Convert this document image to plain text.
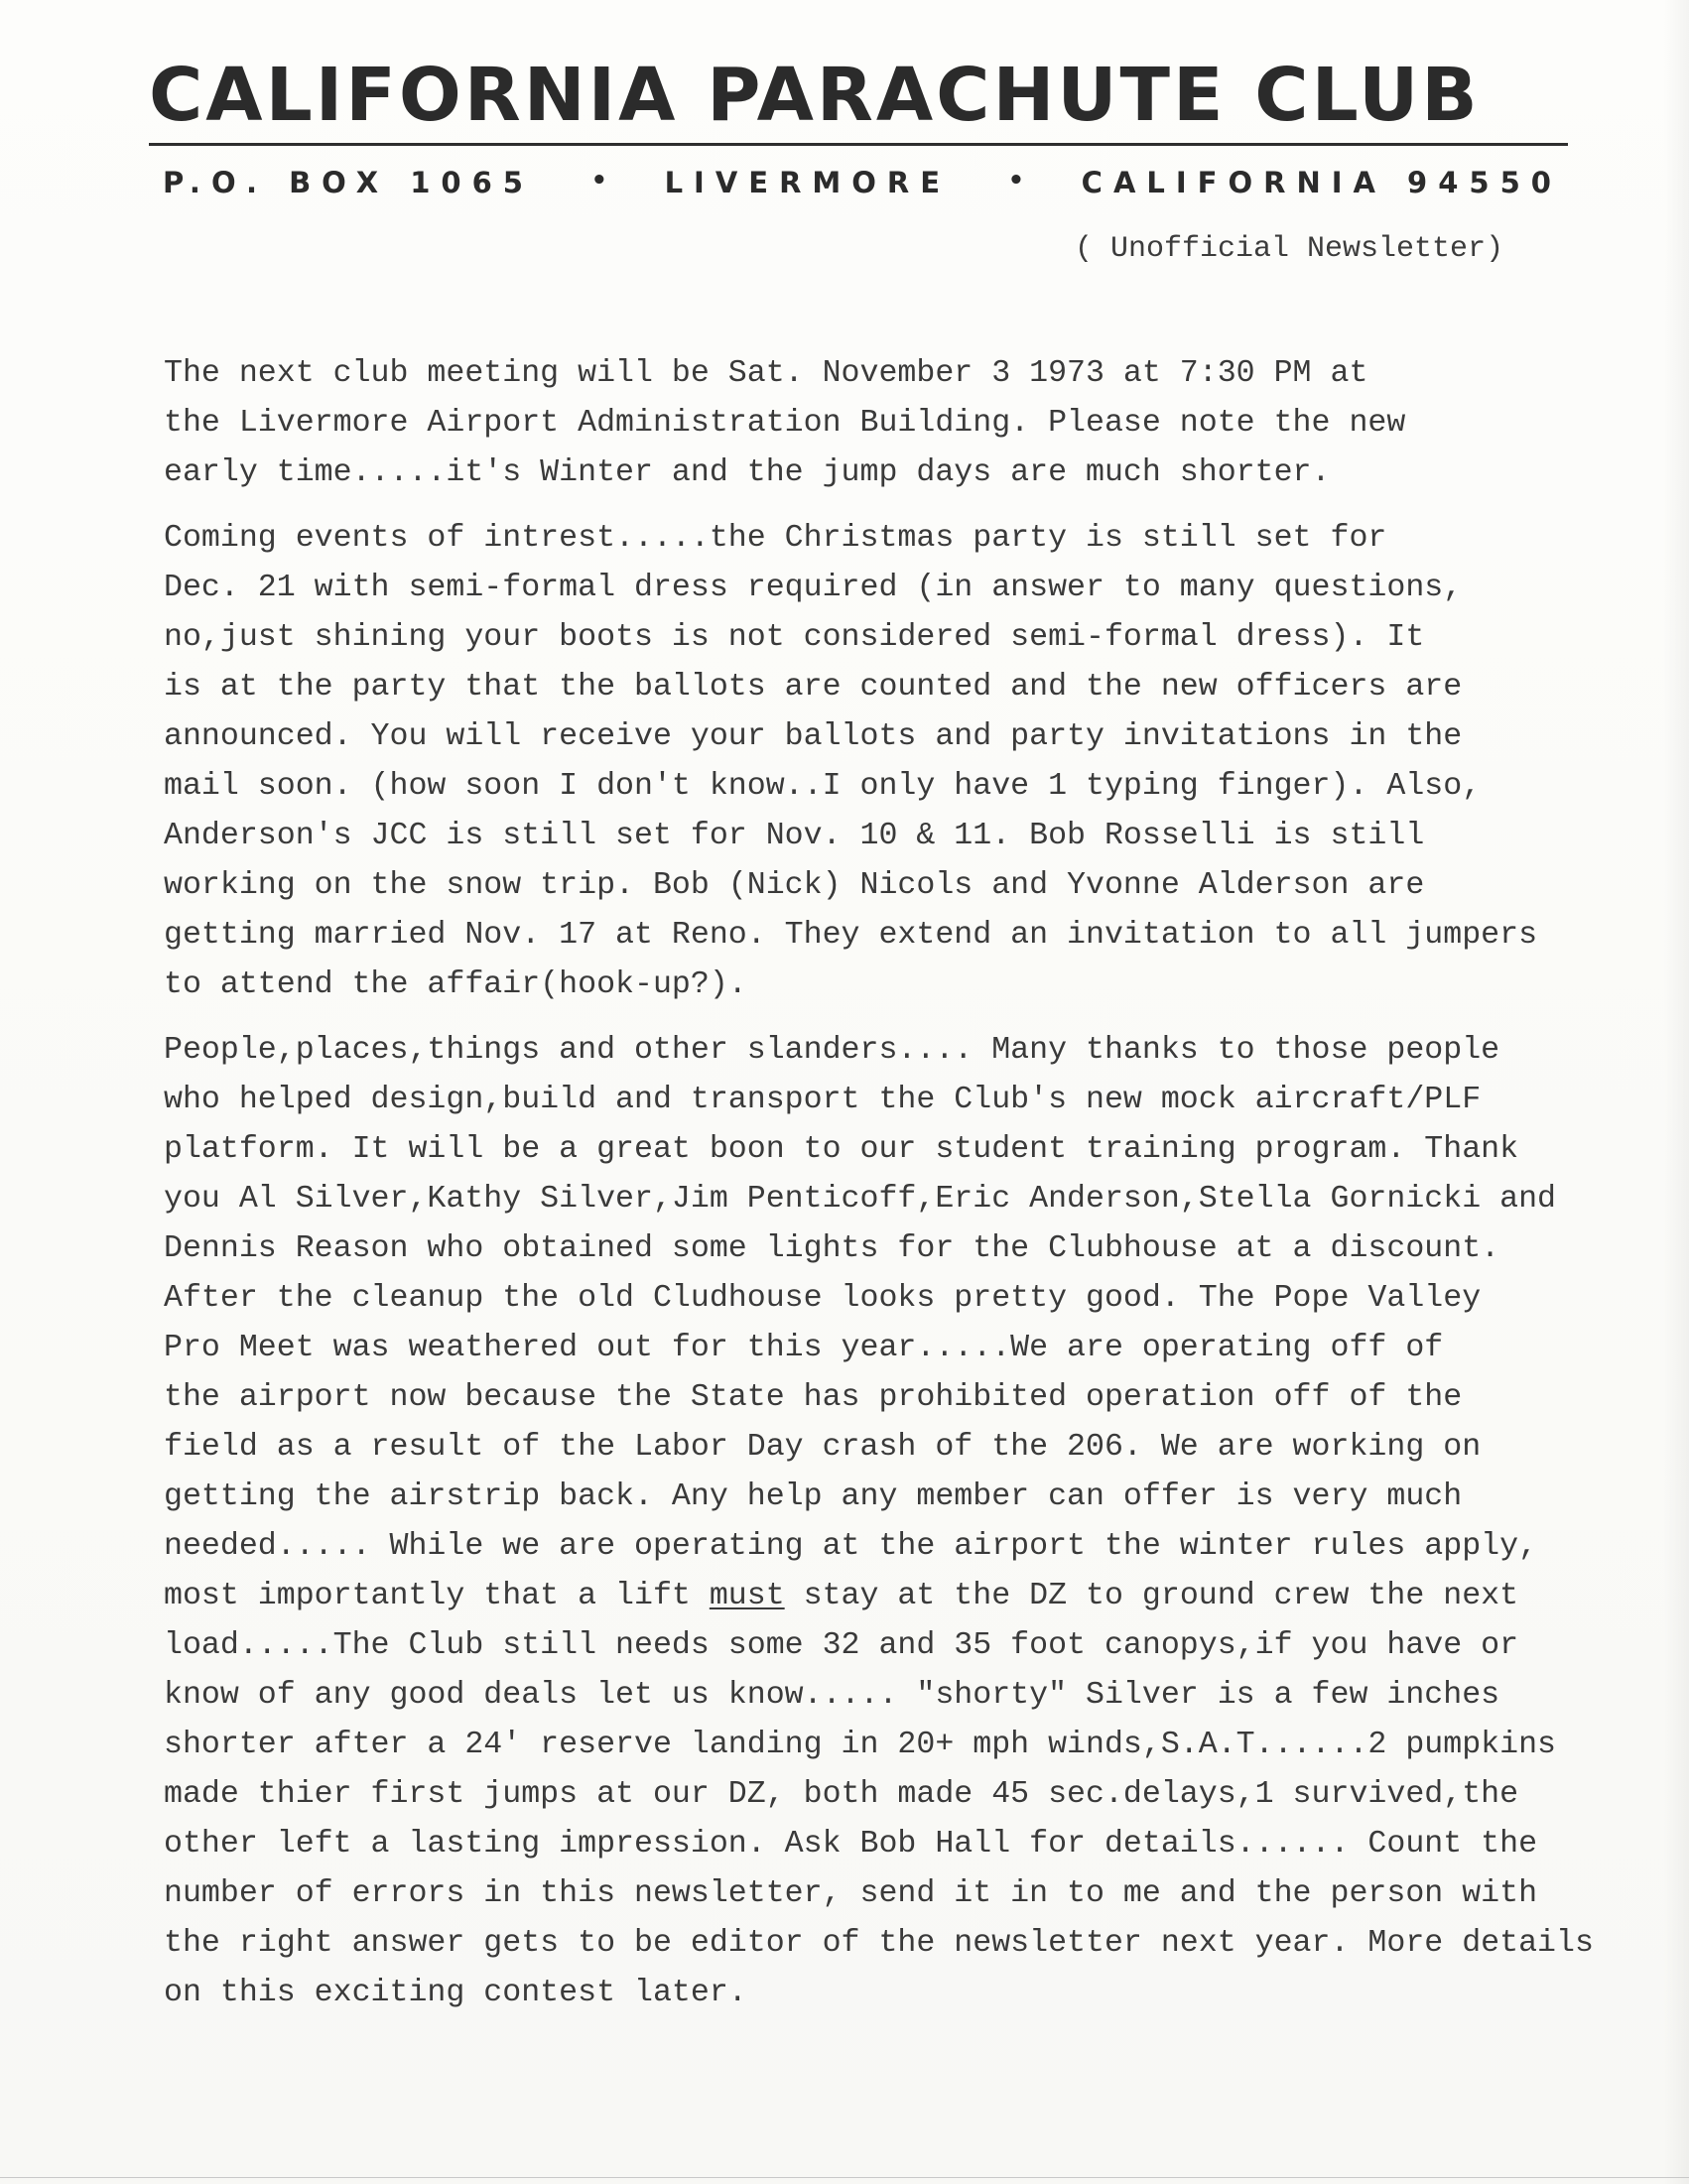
CALIFORNIA PARACHUTE CLUB
P.O. BOX 1065 • LIVERMORE • CALIFORNIA 94550
( Unofficial Newsletter)
The next club meeting will be Sat. November 3 1973 at 7:30 PM at
the Livermore Airport Administration Building. Please note the new
early time.....it's Winter and the jump days are much shorter.
Coming events of intrest.....the Christmas party is still set for
Dec. 21 with semi-formal dress required (in answer to many questions,
no,just shining your boots is not considered semi-formal dress). It
is at the party that the ballots are counted and the new officers are
announced. You will receive your ballots and party invitations in the
mail soon. (how soon I don't know..I only have 1 typing finger). Also,
Anderson's JCC is still set for Nov. 10 & 11. Bob Rosselli is still
working on the snow trip. Bob (Nick) Nicols and Yvonne Alderson are
getting married Nov. 17 at Reno. They extend an invitation to all jumpers
to attend the affair(hook-up?).
People,places,things and other slanders.... Many thanks to those people
who helped design,build and transport the Club's new mock aircraft/PLF
platform. It will be a great boon to our student training program. Thank
you Al Silver,Kathy Silver,Jim Penticoff,Eric Anderson,Stella Gornicki and
Dennis Reason who obtained some lights for the Clubhouse at a discount.
After the cleanup the old Cludhouse looks pretty good. The Pope Valley
Pro Meet was weathered out for this year.....We are operating off of
the airport now because the State has prohibited operation off of the
field as a result of the Labor Day crash of the 206. We are working on
getting the airstrip back. Any help any member can offer is very much
needed..... While we are operating at the airport the winter rules apply,
most importantly that a lift must stay at the DZ to ground crew the next
load.....The Club still needs some 32 and 35 foot canopys,if you have or
know of any good deals let us know..... "shorty" Silver is a few inches
shorter after a 24' reserve landing in 20+ mph winds,S.A.T......2 pumpkins
made thier first jumps at our DZ, both made 45 sec.delays,1 survived,the
other left a lasting impression. Ask Bob Hall for details...... Count the
number of errors in this newsletter, send it in to me and the person with
the right answer gets to be editor of the newsletter next year. More details
on this exciting contest later.
